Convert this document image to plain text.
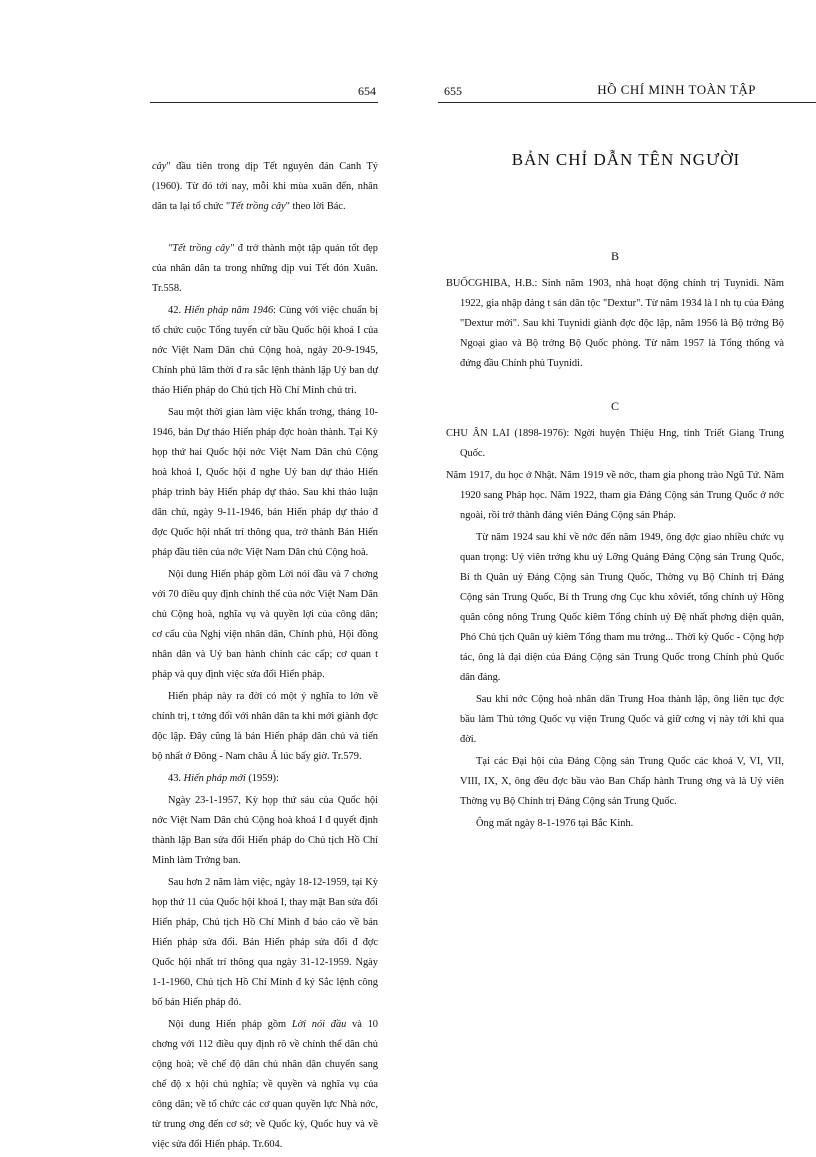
654

cây" đầu tiên trong dịp Tết nguyên đán Canh Tý (1960). Từ đó tới nay, mỗi khi mùa xuân đến, nhân dân ta lại tổ chức "Tết trồng cây" theo lời Bác.

"Tết trồng cây" đ trở thành một tập quán tốt đẹp của nhân dân ta trong những dịp vui Tết đón Xuân. Tr.558.

42. Hiến pháp năm 1946: Cùng với việc chuẩn bị tổ chức cuộc Tổng tuyển cử bầu Quốc hội khoá I của nớc Việt Nam Dân chủ Cộng hoà, ngày 20-9-1945, Chính phủ lâm thời đ ra sắc lệnh thành lập Uỷ ban dự thảo Hiến pháp do Chủ tịch Hồ Chí Minh chủ trì.

Sau một thời gian làm việc khẩn trơng, tháng 10-1946, bản Dự thảo Hiến pháp đợc hoàn thành. Tại Kỳ họp thứ hai Quốc hội nớc Việt Nam Dân chủ Cộng hoà khoá I, Quốc hội đ nghe Uỷ ban dự thảo Hiến pháp trình bày Hiến pháp dự thảo. Sau khi thảo luận dân chủ, ngày 9-11-1946, bản Hiến pháp dự thảo đ đợc Quốc hội nhất trí thông qua, trở thành Bản Hiến pháp đầu tiên của nớc Việt Nam Dân chủ Cộng hoà.

Nội dung Hiến pháp gồm Lời nói đầu và 7 chơng với 70 điều quy định chính thể của nớc Việt Nam Dân chủ Cộng hoà, nghĩa vụ và quyền lợi của công dân; cơ cấu của Nghị viện nhân dân, Chính phủ, Hội đồng nhân dân và Uỷ ban hành chính các cấp; cơ quan t pháp và quy định việc sửa đổi Hiến pháp.

Hiến pháp này ra đời có một ý nghĩa to lớn về chính trị, t tởng đối với nhân dân ta khi mới giành đợc độc lập. Đây cũng là bản Hiến pháp dân chủ và tiến bộ nhất ở Đông - Nam châu Á lúc bấy giờ. Tr.579.

43. Hiến pháp mới (1959):

Ngày 23-1-1957, Kỳ họp thứ sáu của Quốc hội nớc Việt Nam Dân chủ Cộng hoà khoá I đ quyết định thành lập Ban sửa đổi Hiến pháp do Chủ tịch Hồ Chí Minh làm Trởng ban.

Sau hơn 2 năm làm việc, ngày 18-12-1959, tại Kỳ họp thứ 11 của Quốc hội khoá I, thay mặt Ban sửa đổi Hiến pháp, Chủ tịch Hồ Chí Minh đ báo cáo về bản Hiến pháp sửa đổi. Bản Hiến pháp sửa đổi đ đợc Quốc hội nhất trí thông qua ngày 31-12-1959. Ngày 1-1-1960, Chủ tịch Hồ Chí Minh đ ký Sắc lệnh công bố bản Hiến pháp đó.

Nội dung Hiến pháp gồm Lời nói đầu và 10 chơng với 112 điều quy định rõ về chính thể dân chủ cộng hoà; về chế độ dân chủ nhân dân chuyển sang chế độ x hội chủ nghĩa; về quyền và nghĩa vụ của công dân; về tổ chức các cơ quan quyền lực Nhà nớc, từ trung ơng đến cơ sở; về Quốc kỳ, Quốc huy và về việc sửa đổi Hiến pháp. Tr.604.

655	HỒ CHÍ MINH TOÀN TẬP
BẢN CHỈ DẪN TÊN NGƯỜI
B

BUỐCGHIBA, H.B.: Sinh năm 1903, nhà hoạt động chính trị Tuynidi. Năm 1922, gia nhập đảng t sản dân tộc "Dextur". Từ năm 1934 là l nh tụ của Đảng "Dextur mới". Sau khi Tuynidi giành đợc độc lập, năm 1956 là Bộ trởng Bộ Ngoại giao và Bộ trởng Bộ Quốc phòng. Từ năm 1957 là Tổng thống và đứng đầu Chính phủ Tuynidi.

C

CHU ÂN LAI (1898-1976): Ngời huyện Thiệu Hng, tỉnh Triết Giang Trung Quốc.

Năm 1917, du học ở Nhật. Năm 1919 về nớc, tham gia phong trào Ngũ Tứ. Năm 1920 sang Pháp học. Năm 1922, tham gia Đảng Cộng sản Trung Quốc ở nớc ngoài, rồi trở thành đảng viên Đảng Cộng sản Pháp.

Từ năm 1924 sau khi về nớc đến năm 1949, ông đợc giao nhiều chức vụ quan trọng: Uỷ viên trởng khu uỷ Lỡng Quảng Đảng Cộng sản Trung Quốc, Bí th Quân uỷ Đảng Cộng sản Trung Quốc, Thờng vụ Bộ Chính trị Đảng Cộng sản Trung Quốc, Bí th Trung ơng Cục khu xôviết, tổng chính uỷ Hồng quân công nông Trung Quốc kiêm Tổng chính uỷ Đệ nhất phơng diện quân, Phó Chủ tịch Quân uỷ kiêm Tổng tham mu trởng... Thời kỳ Quốc - Cộng hợp tác, ông là đại diện của Đảng Cộng sản Trung Quốc trong Chính phủ Quốc dân đảng.

Sau khi nớc Cộng hoà nhân dân Trung Hoa thành lập, ông liên tục đợc bầu làm Thủ tớng Quốc vụ viện Trung Quốc và giữ cơng vị này tới khi qua đời.

Tại các Đại hội của Đảng Cộng sản Trung Quốc các khoá V, VI, VII, VIII, IX, X, ông đều đợc bầu vào Ban Chấp hành Trung ơng và là Uỷ viên Thờng vụ Bộ Chính trị Đảng Cộng sản Trung Quốc.

Ông mất ngày 8-1-1976 tại Bắc Kinh.
